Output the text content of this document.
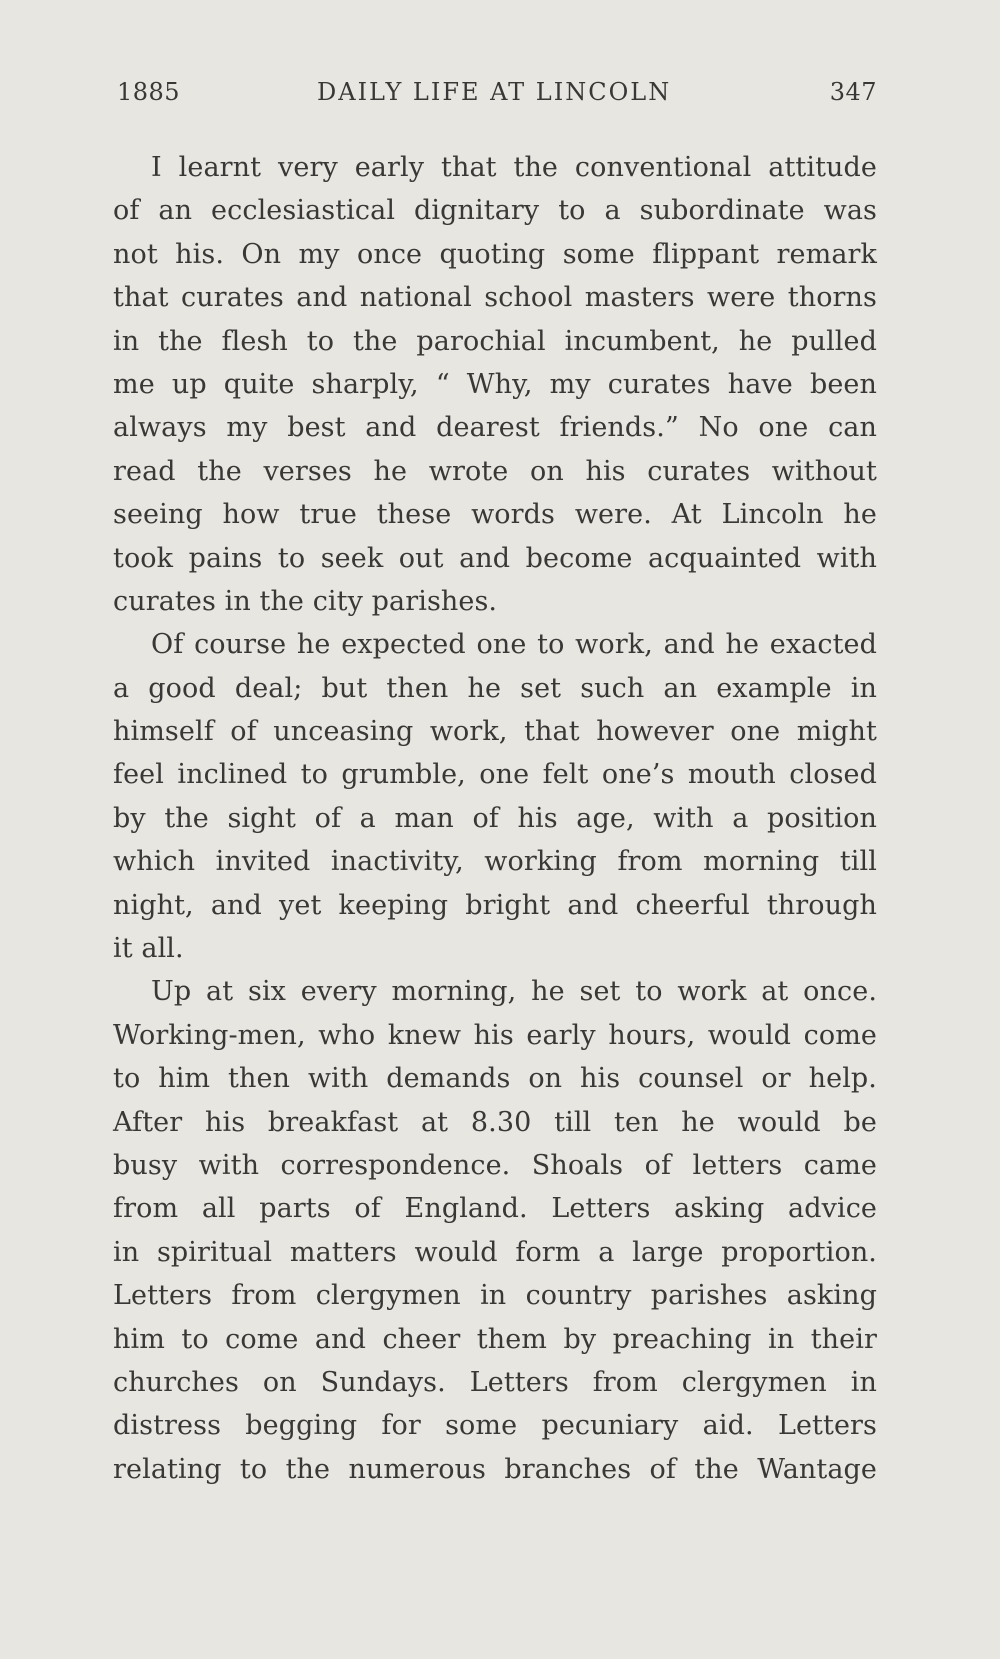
1885	DAILY LIFE AT LINCOLN	347
I learnt very early that the conventional attitude
of an ecclesiastical dignitary to a subordinate was
not his. On my once quoting some flippant remark
that curates and national school masters were thorns
in the flesh to the parochial incumbent, he pulled
me up quite sharply, “ Why, my curates have been
always my best and dearest friends.” No one can
read the verses he wrote on his curates without
seeing how true these words were. At Lincoln he
took pains to seek out and become acquainted with
curates in the city parishes.
Of course he expected one to work, and he exacted
a good deal; but then he set such an example in
himself of unceasing work, that however one might
feel inclined to grumble, one felt one’s mouth closed
by the sight of a man of his age, with a position
which invited inactivity, working from morning till
night, and yet keeping bright and cheerful through
it all.
Up at six every morning, he set to work at once.
Working-men, who knew his early hours, would come
to him then with demands on his counsel or help.
After his breakfast at 8.30 till ten he would be
busy with correspondence. Shoals of letters came
from all parts of England. Letters asking advice
in spiritual matters would form a large proportion.
Letters from clergymen in country parishes asking
him to come and cheer them by preaching in their
churches on Sundays. Letters from clergymen in
distress begging for some pecuniary aid. Letters
relating to the numerous branches of the Wantage
